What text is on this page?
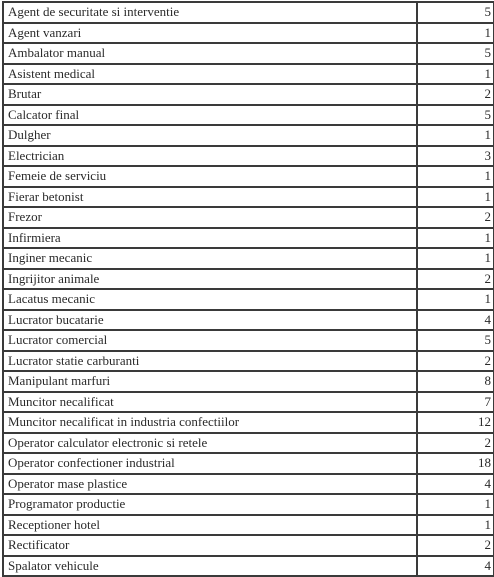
Agent de securitate si interventie	5
Agent vanzari	1
Ambalator manual	5
Asistent medical	1
Brutar	2
Calcator final	5
Dulgher	1
Electrician	3
Femeie de serviciu	1
Fierar betonist	1
Frezor	2
Infirmiera	1
Inginer mecanic	1
Ingrijitor animale	2
Lacatus mecanic	1
Lucrator bucatarie	4
Lucrator comercial	5
Lucrator statie carburanti	2
Manipulant marfuri	8
Muncitor necalificat	7
Muncitor necalificat in industria confectiilor	12
Operator calculator electronic si retele	2
Operator confectioner industrial	18
Operator mase plastice	4
Programator productie	1
Receptioner hotel	1
Rectificator	2
Spalator vehicule	4
